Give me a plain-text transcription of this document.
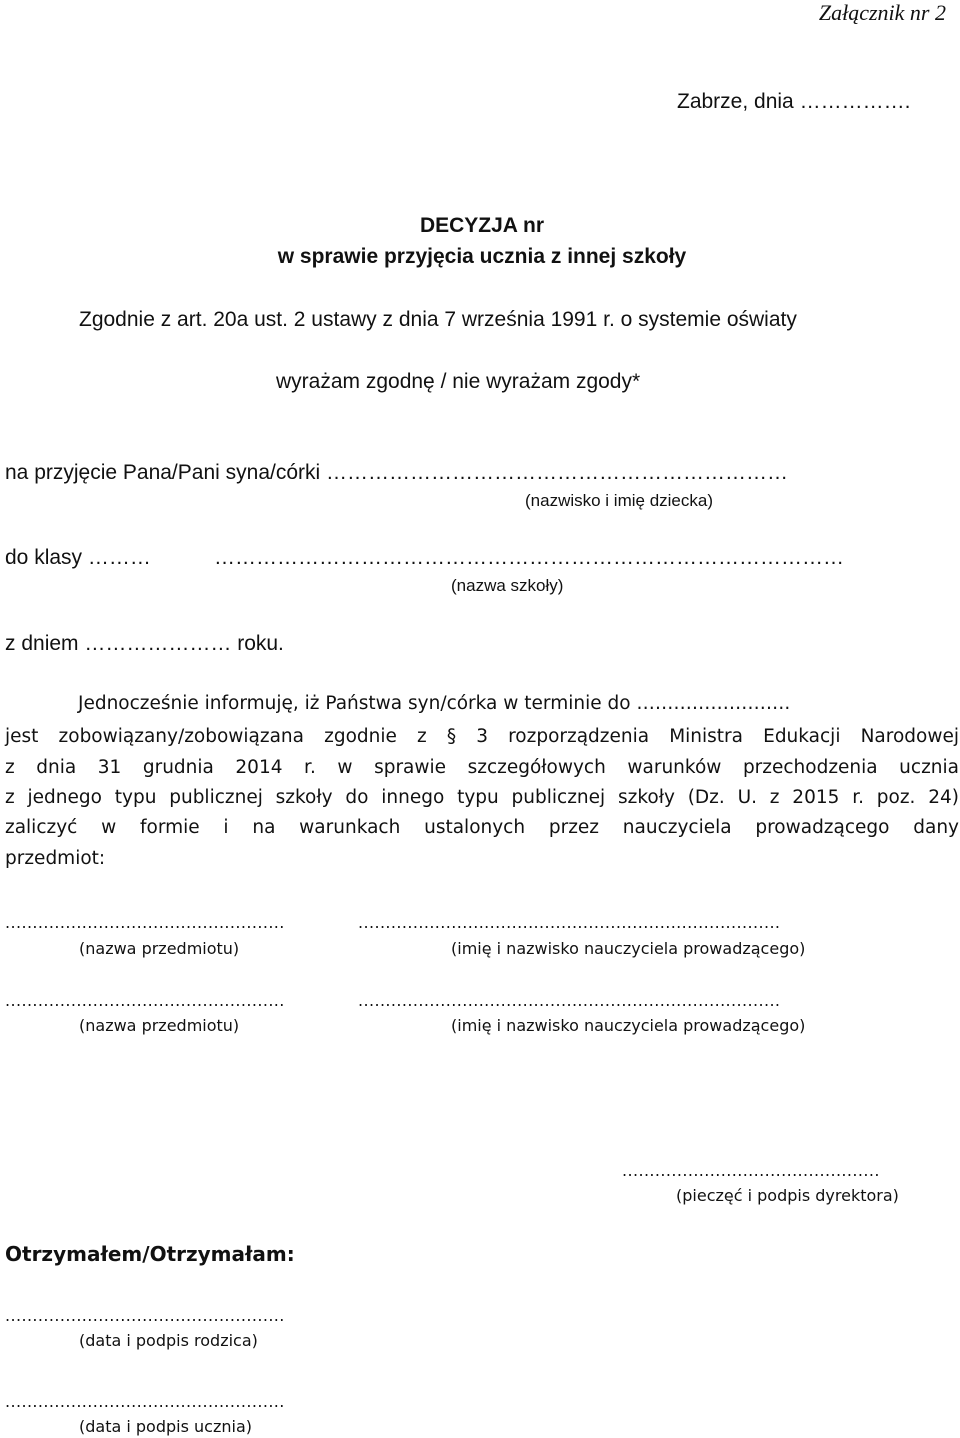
Załącznik nr 2
Zabrze, dnia …………….
DECYZJA nr
w sprawie przyjęcia ucznia z innej szkoły
Zgodnie z art. 20a ust. 2 ustawy z dnia 7 września 1991 r. o systemie oświaty
wyrażam zgodnę / nie wyrażam zgody*
na przyjęcie Pana/Pani syna/córki …………………………………………………………
(nazwisko i imię dziecka)
do klasy ………	………………………………………………………………………………
(nazwa szkoły)
z dniem ………………… roku.
Jednocześnie informuję, iż Państwa syn/córka w terminie do …………………….
jest zobowiązany/zobowiązana zgodnie z § 3 rozporządzenia Ministra Edukacji Narodowej
z dnia 31 grudnia 2014 r. w sprawie szczegółowych warunków przechodzenia ucznia
z jednego typu publicznej szkoły do innego typu publicznej szkoły (Dz. U. z 2015 r. poz. 24)
zaliczyć w formie i na warunkach ustalonych przez nauczyciela prowadzącego dany
przedmiot:
...................................................
(nazwa przedmiotu)
.............................................................................
(imię i nazwisko nauczyciela prowadzącego)
...................................................
(nazwa przedmiotu)
.............................................................................
(imię i nazwisko nauczyciela prowadzącego)
...............................................
(pieczęć i podpis dyrektora)
Otrzymałem/Otrzymałam:
...................................................
(data i podpis rodzica)
...................................................
(data i podpis ucznia)
